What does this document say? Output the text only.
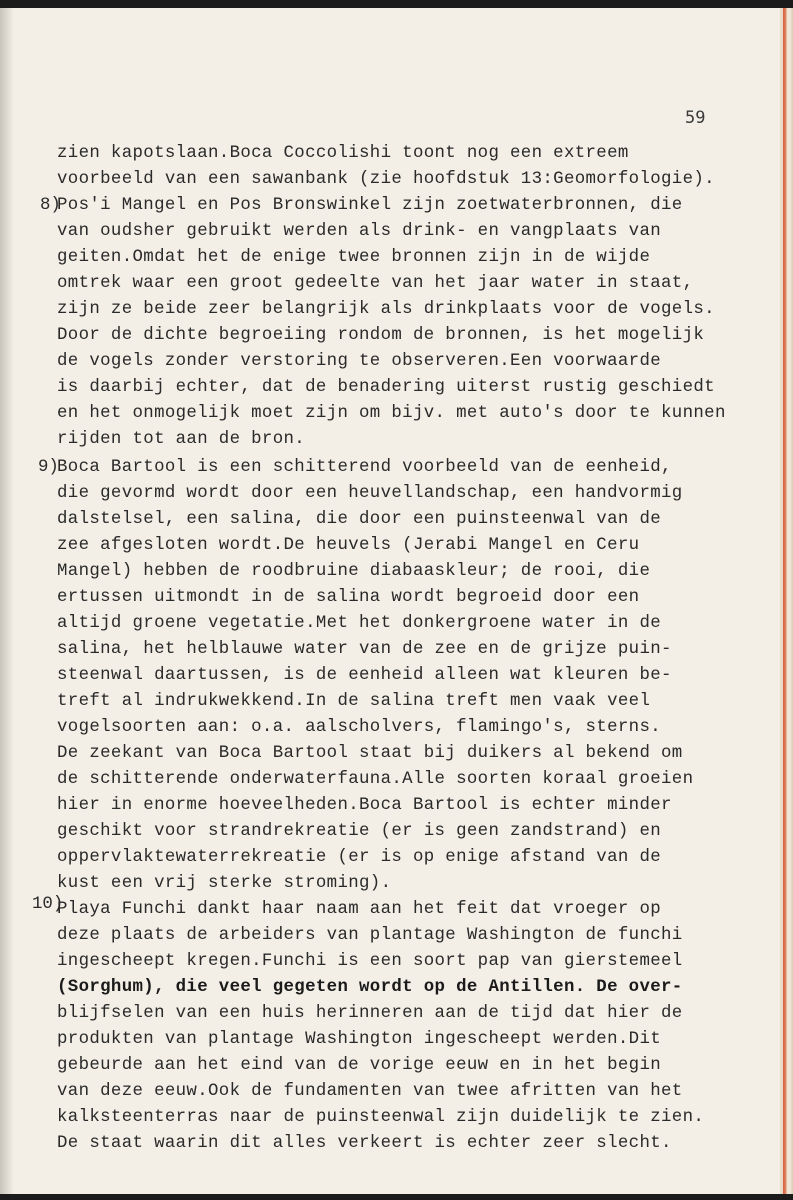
59
8)
9)
10)
zien kapotslaan.Boca Coccolishi toont nog een extreem
voorbeeld van een sawanbank (zie hoofdstuk 13:Geomorfologie).
Pos'i Mangel en Pos Bronswinkel zijn zoetwaterbronnen, die
van oudsher gebruikt werden als drink- en vangplaats van
geiten.Omdat het de enige twee bronnen zijn in de wijde
omtrek waar een groot gedeelte van het jaar water in staat,
zijn ze beide zeer belangrijk als drinkplaats voor de vogels.
Door de dichte begroeiing rondom de bronnen, is het mogelijk
de vogels zonder verstoring te observeren.Een voorwaarde
is daarbij echter, dat de benadering uiterst rustig geschiedt
en het onmogelijk moet zijn om bijv. met auto's door te kunnen
rijden tot aan de bron.
Boca Bartool is een schitterend voorbeeld van de eenheid,
die gevormd wordt door een heuvellandschap, een handvormig
dalstelsel, een salina, die door een puinsteenwal van de
zee afgesloten wordt.De heuvels (Jerabi Mangel en Ceru
Mangel) hebben de roodbruine diabaaskleur; de rooi, die
ertussen uitmondt in de salina wordt begroeid door een
altijd groene vegetatie.Met het donkergroene water in de
salina, het helblauwe water van de zee en de grijze puin-
steenwal daartussen, is de eenheid alleen wat kleuren be-
treft al indrukwekkend.In de salina treft men vaak veel
vogelsoorten aan: o.a. aalscholvers, flamingo's, sterns.
De zeekant van Boca Bartool staat bij duikers al bekend om
de schitterende onderwaterfauna.Alle soorten koraal groeien
hier in enorme hoeveelheden.Boca Bartool is echter minder
geschikt voor strandrekreatie (er is geen zandstrand) en
oppervlaktewaterrekreatie (er is op enige afstand van de
kust een vrij sterke stroming).
Playa Funchi dankt haar naam aan het feit dat vroeger op
deze plaats de arbeiders van plantage Washington de funchi
ingescheept kregen.Funchi is een soort pap van gierstemeel
(Sorghum), die veel gegeten wordt op de Antillen. De over-
blijfselen van een huis herinneren aan de tijd dat hier de
produkten van plantage Washington ingescheept werden.Dit
gebeurde aan het eind van de vorige eeuw en in het begin
van deze eeuw.Ook de fundamenten van twee afritten van het
kalksteenterras naar de puinsteenwal zijn duidelijk te zien.
De staat waarin dit alles verkeert is echter zeer slecht.
